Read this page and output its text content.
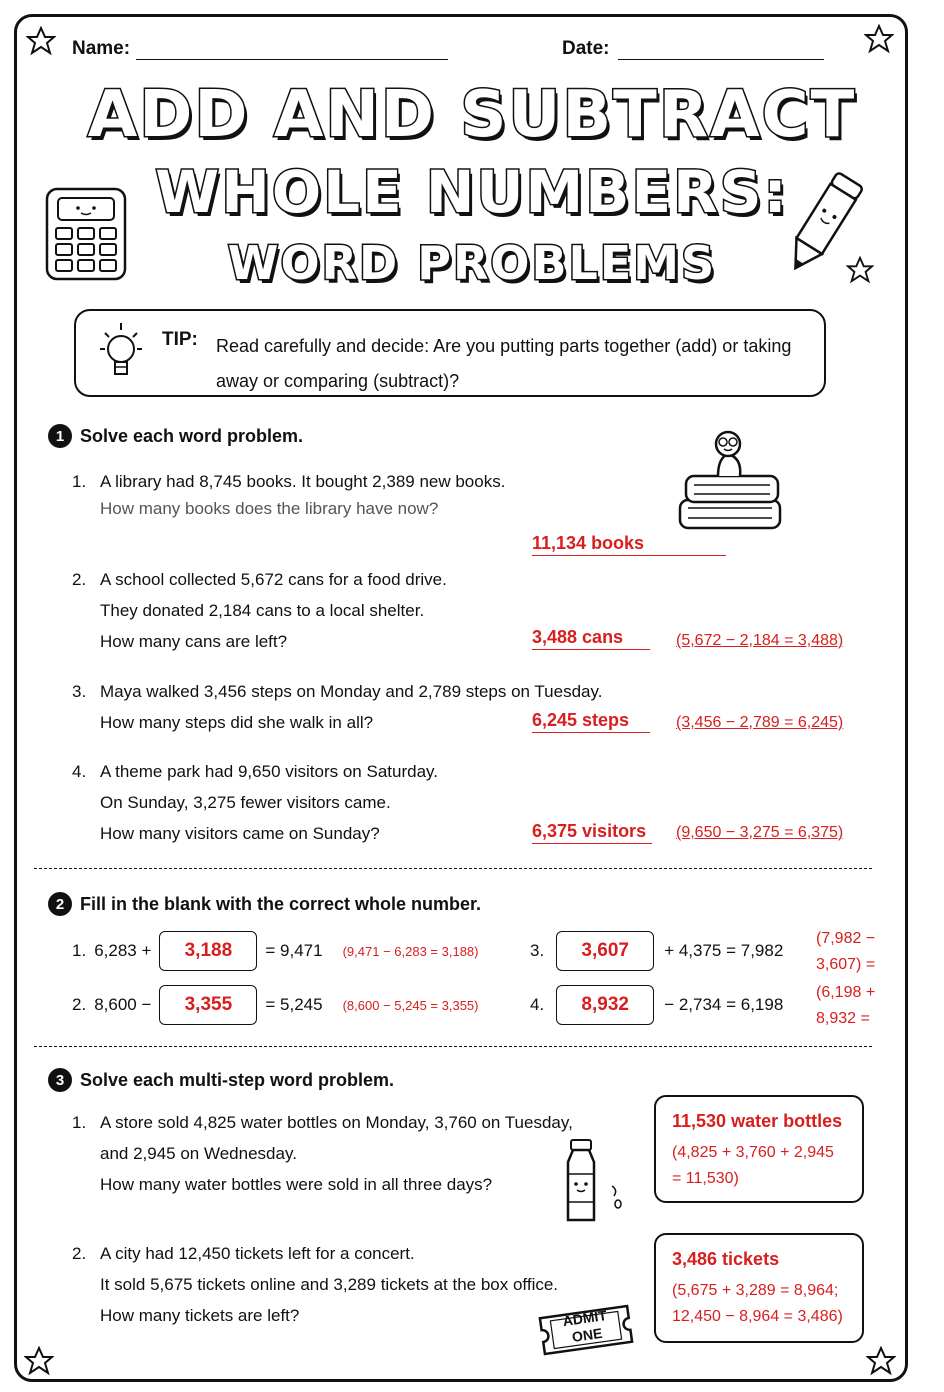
Name:	Date:
ADD AND SUBTRACT
WHOLE NUMBERS:
WORD PROBLEMS
TIP: Read carefully and decide: Are you putting parts together (add) or taking away or comparing (subtract)?
1 Solve each word problem.
1. A library had 8,745 books. It bought 2,389 new books.
How many books does the library have now?
11,134 books
2. A school collected 5,672 cans for a food drive.
They donated 2,184 cans to a local shelter.
How many cans are left?	3,488 cans	(5,672 − 2,184 = 3,488)
3. Maya walked 3,456 steps on Monday and 2,789 steps on Tuesday.
How many steps did she walk in all?	6,245 steps	(3,456 − 2,789 = 6,245)
4. A theme park had 9,650 visitors on Saturday.
On Sunday, 3,275 fewer visitors came.
How many visitors came on Sunday?	6,375 visitors	(9,650 − 3,275 = 6,375)
2 Fill in the blank with the correct whole number.
1. 6,283 +	3,188	= 9,471 (9,471 − 6,283 = 3,188)
2. 8,600 −	3,355	= 5,245 (8,600 − 5,245 = 3,355)
3.	3,607	+ 4,375 = 7,982
(7,982 −
3,607) =
4.	8,932	− 2,734 = 6,198
(6,198 +
8,932 =
3 Solve each multi-step word problem.
1. A store sold 4,825 water bottles on Monday, 3,760 on Tuesday,
and 2,945 on Wednesday.
How many water bottles were sold in all three days?
11,530 water bottles
(4,825 + 3,760 + 2,945
= 11,530)
2. A city had 12,450 tickets left for a concert.
It sold 5,675 tickets online and 3,289 tickets at the box office.
How many tickets are left?	ADMIT
ONE
3,486 tickets
(5,675 + 3,289 = 8,964;
12,450 − 8,964 = 3,486)
